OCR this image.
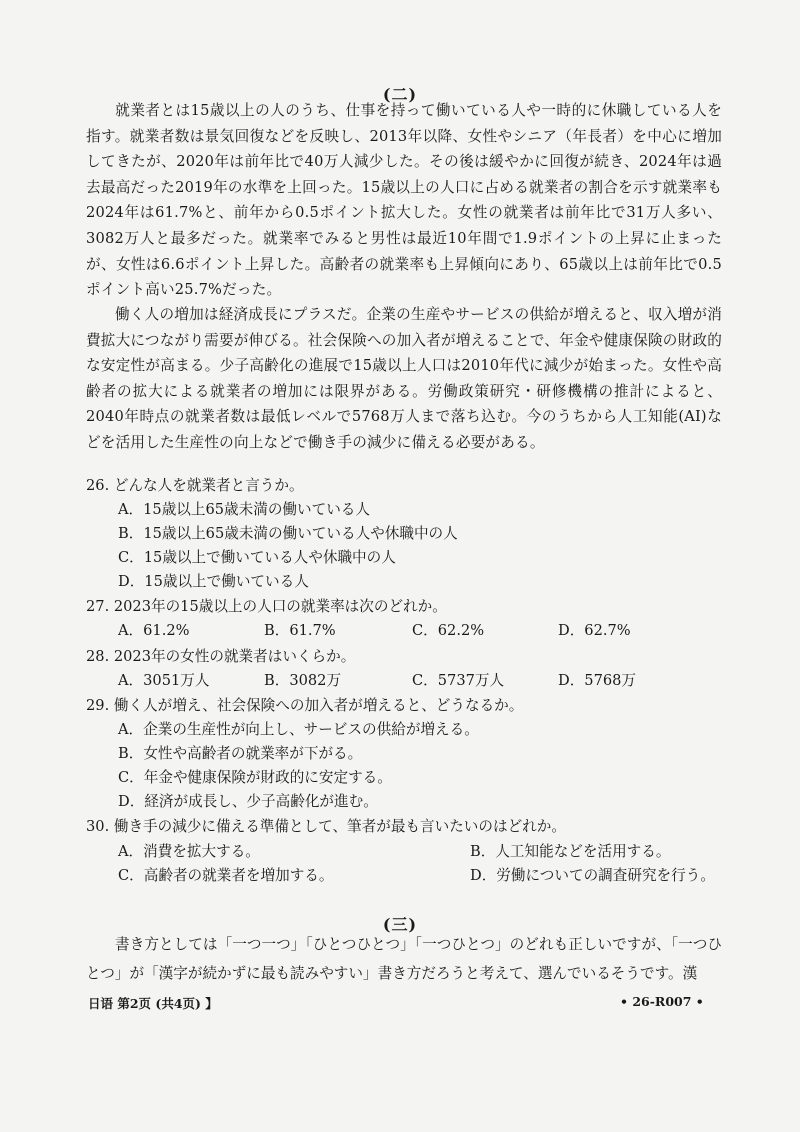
(二)

就業者とは15歳以上の人のうち、仕事を持って働いている人や一時的に休職している人を指す。就業者数は景気回復などを反映し、2013年以降、女性やシニア（年長者）を中心に増加してきたが、2020年は前年比で40万人減少した。その後は緩やかに回復が続き、2024年は過去最高だった2019年の水準を上回った。15歳以上の人口に占める就業者の割合を示す就業率も2024年は61.7%と、前年から0.5ポイント拡大した。女性の就業者は前年比で31万人多い、3082万人と最多だった。就業率でみると男性は最近10年間で1.9ポイントの上昇に止まったが、女性は6.6ポイント上昇した。高齢者の就業率も上昇傾向にあり、65歳以上は前年比で0.5ポイント高い25.7%だった。

働く人の増加は経済成長にプラスだ。企業の生産やサービスの供給が増えると、収入増が消費拡大につながり需要が伸びる。社会保険への加入者が増えることで、年金や健康保険の財政的な安定性が高まる。少子高齢化の進展で15歳以上人口は2010年代に減少が始まった。女性や高齢者の拡大による就業者の増加には限界がある。労働政策研究・研修機構の推計によると、2040年時点の就業者数は最低レベルで5768万人まで落ち込む。今のうちから人工知能(AI)などを活用した生産性の向上などで働き手の減少に備える必要がある。

26. どんな人を就業者と言うか。
A．15歳以上65歳未満の働いている人
B．15歳以上65歳未満の働いている人や休職中の人
C．15歳以上で働いている人や休職中の人
D．15歳以上で働いている人
27. 2023年の15歳以上の人口の就業率は次のどれか。
A．61.2%	B．61.7%	C．62.2%	D．62.7%
28. 2023年の女性の就業者はいくらか。
A．3051万人	B．3082万	C．5737万人	D．5768万
29. 働く人が増え、社会保険への加入者が増えると、どうなるか。
A．企業の生産性が向上し、サービスの供給が増える。
B．女性や高齢者の就業率が下がる。
C．年金や健康保険が財政的に安定する。
D．経済が成長し、少子高齢化が進む。
30. 働き手の減少に備える準備として、筆者が最も言いたいのはどれか。
A．消費を拡大する。	B．人工知能などを活用する。
C．高齢者の就業者を増加する。	D．労働についての調査研究を行う。
(三)

書き方としては「一つ一つ」「ひとつひとつ」「一つひとつ」のどれも正しいですが、「一つひとつ」が「漢字が続かずに最も読みやすい」書き方だろうと考えて、選んでいるそうです。漢

日语 第2页 (共4页) 】	• 26-R007 •
